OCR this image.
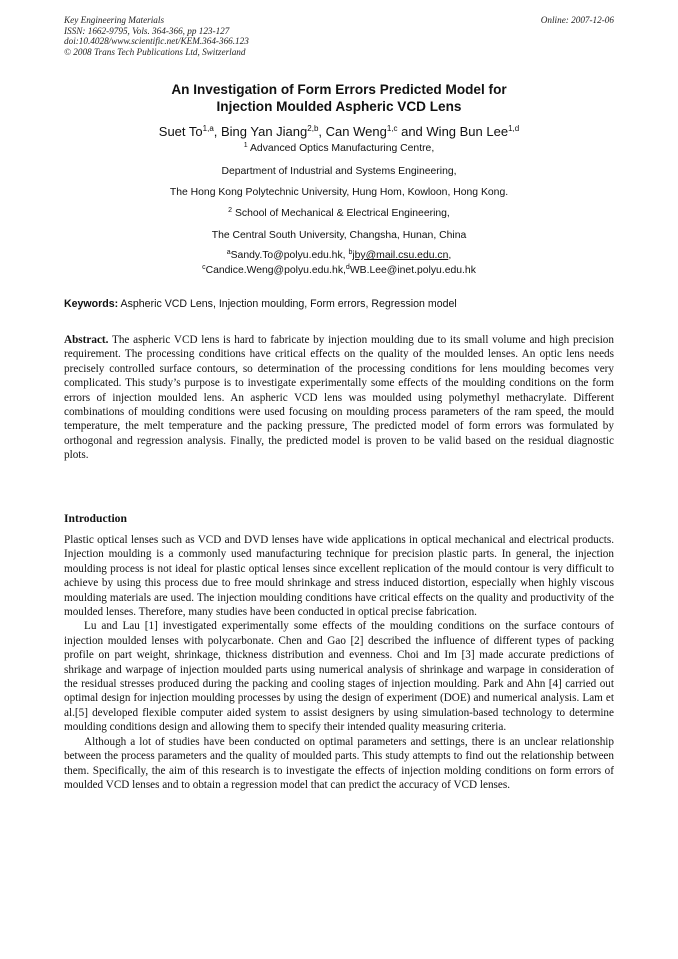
Key Engineering Materials
ISSN: 1662-9795, Vols. 364-366, pp 123-127
doi:10.4028/www.scientific.net/KEM.364-366.123
© 2008 Trans Tech Publications Ltd, Switzerland
Online: 2007-12-06
An Investigation of Form Errors Predicted Model for
Injection Moulded Aspheric VCD Lens
Suet To$^{1,a}$, Bing Yan Jiang$^{2,b}$, Can Weng$^{1,c}$ and Wing Bun Lee$^{1,d}$
$^1$ Advanced Optics Manufacturing Centre,
Department of Industrial and Systems Engineering,
The Hong Kong Polytechnic University, Hung Hom, Kowloon, Hong Kong.
$^2$ School of Mechanical & Electrical Engineering,
The Central South University, Changsha, Hunan, China
$^a$Sandy.To@polyu.edu.hk, $^b$jby@mail.csu.edu.cn,
$^c$Candice.Weng@polyu.edu.hk,$^d$WB.Lee@inet.polyu.edu.hk
Keywords: Aspheric VCD Lens, Injection moulding, Form errors, Regression model

Abstract. The aspheric VCD lens is hard to fabricate by injection moulding due to its small volume and high precision requirement. The processing conditions have critical effects on the quality of the moulded lenses. An optic lens needs precisely controlled surface contours, so determination of the processing conditions for lens moulding becomes very complicated. This study’s purpose is to investigate experimentally some effects of the moulding conditions on the form errors of injection moulded lens. An aspheric VCD lens was moulded using polymethyl methacrylate. Different combinations of moulding conditions were used focusing on moulding process parameters of the ram speed, the mould temperature, the melt temperature and the packing pressure, The predicted model of form errors was formulated by orthogonal and regression analysis. Finally, the predicted model is proven to be valid based on the residual diagnostic plots.

Introduction

Plastic optical lenses such as VCD and DVD lenses have wide applications in optical mechanical and electrical products. Injection moulding is a commonly used manufacturing technique for precision plastic parts. In general, the injection moulding process is not ideal for plastic optical lenses since excellent replication of the mould contour is very difficult to achieve by using this process due to free mould shrinkage and stress induced distortion, especially when highly viscous moulding materials are used. The injection moulding conditions have critical effects on the quality and productivity of the moulded lenses. Therefore, many studies have been conducted in optical precise fabrication.

Lu and Lau [1] investigated experimentally some effects of the moulding conditions on the surface contours of injection moulded lenses with polycarbonate. Chen and Gao [2] described the influence of different types of packing profile on part weight, shrinkage, thickness distribution and evenness. Choi and Im [3] made accurate predictions of shrikage and warpage of injection moulded parts using numerical analysis of shrinkage and warpage in consideration of the residual stresses produced during the packing and cooling stages of injection moulding. Park and Ahn [4] carried out optimal design for injection moulding processes by using the design of experiment (DOE) and numerical analysis. Lam et al.[5] developed flexible computer aided system to assist designers by using simulation-based technology to determine moulding conditions design and allowing them to specify their intended quality measuring criteria.

Although a lot of studies have been conducted on optimal parameters and settings, there is an unclear relationship between the process parameters and the quality of moulded parts. This study attempts to find out the relationship between them. Specifically, the aim of this research is to investigate the effects of injection molding conditions on form errors of moulded VCD lenses and to obtain a regression model that can predict the accuracy of VCD lenses.
